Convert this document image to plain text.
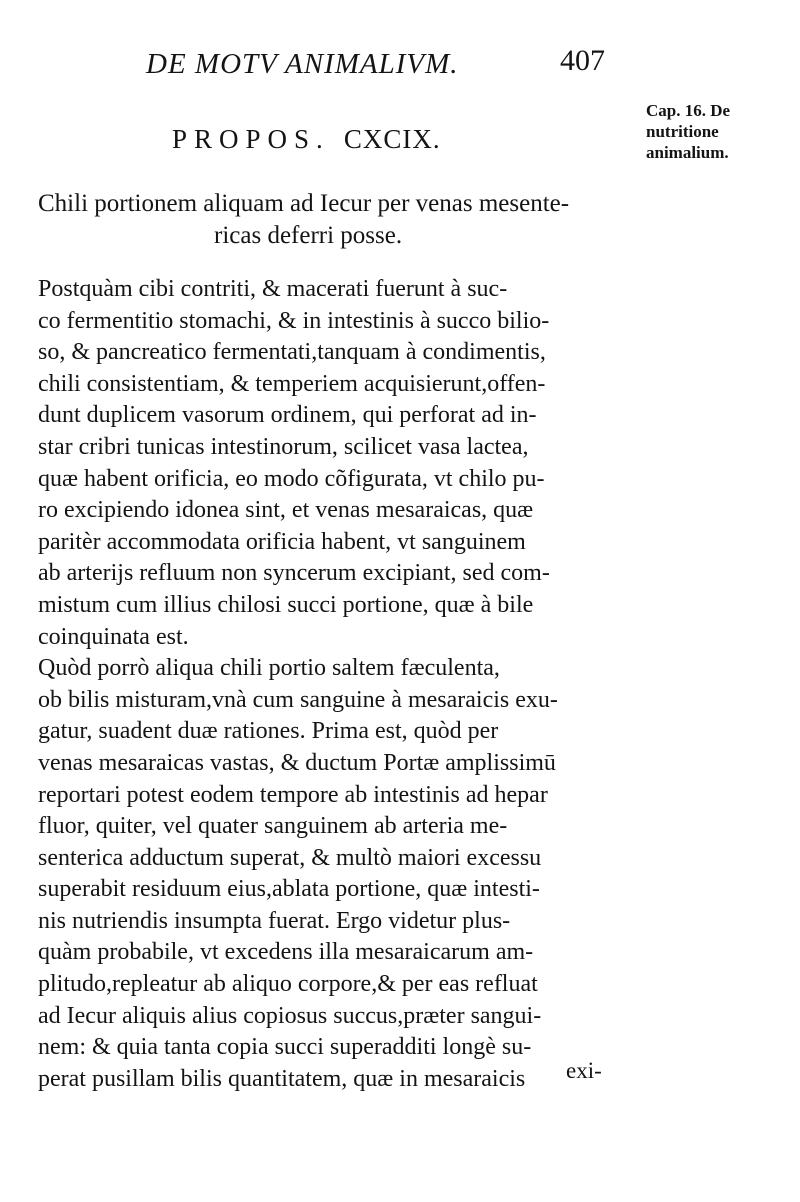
DE MOTV ANIMALIVM.	407
Cap. 16. De
nutritione
animalium.
PROPOS. CXCIX.
Chili portionem aliquam ad Iecur per venas mesente-
ricas deferri posse.
Postquàm cibi contriti, & macerati fuerunt à suc-
co fermentitio stomachi, & in intestinis à succo bilio-
so, & pancreatico fermentati,tanquam à condimentis,
chili consistentiam, & temperiem acquisierunt,offen-
dunt duplicem vasorum ordinem, qui perforat ad in-
star cribri tunicas intestinorum, scilicet vasa lactea,
quæ habent orificia, eo modo cõfigurata, vt chilo pu-
ro excipiendo idonea sint, et venas mesaraicas, quæ
paritèr accommodata orificia habent, vt sanguinem
ab arterijs refluum non syncerum excipiant, sed com-
mistum cum illius chilosi succi portione, quæ à bile
coinquinata est.
Quòd porrò aliqua chili portio saltem fæculenta,
ob bilis misturam,vnà cum sanguine à mesaraicis exu-
gatur, suadent duæ rationes. Prima est, quòd per
venas mesaraicas vastas, & ductum Portæ amplissimū
reportari potest eodem tempore ab intestinis ad hepar
fluor, quiter, vel quater sanguinem ab arteria me-
senterica adductum superat, & multò maiori excessu
superabit residuum eius,ablata portione, quæ intesti-
nis nutriendis insumpta fuerat. Ergo videtur plus-
quàm probabile, vt excedens illa mesaraicarum am-
plitudo,repleatur ab aliquo corpore,& per eas refluat
ad Iecur aliquis alius copiosus succus,præter sangui-
nem: & quia tanta copia succi superadditi longè su-
perat pusillam bilis quantitatem, quæ in mesaraicis	exi-
